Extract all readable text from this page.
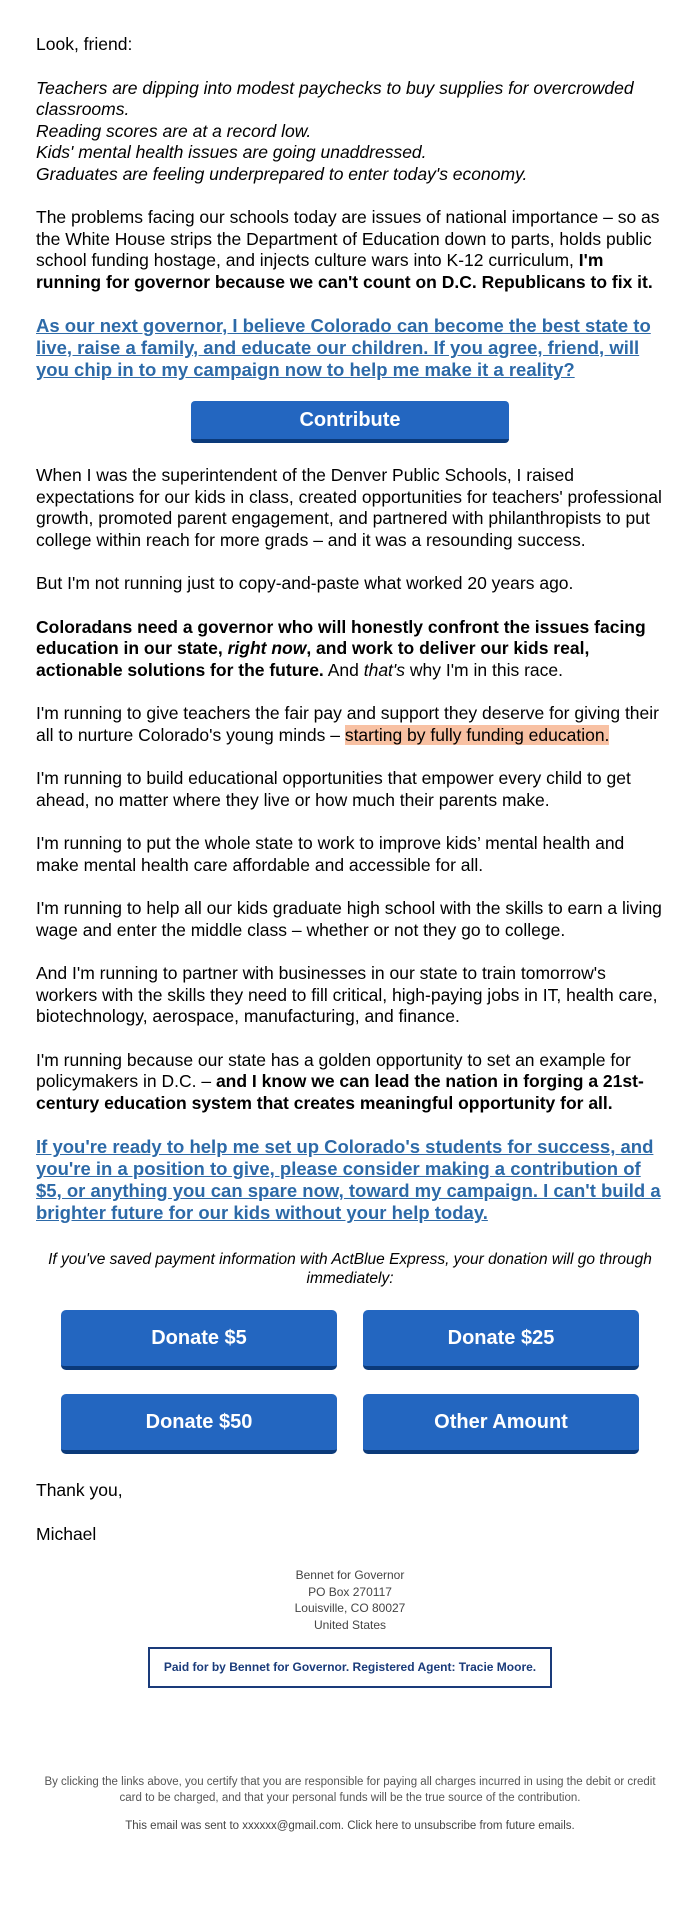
Look, friend:

Teachers are dipping into modest paychecks to buy supplies for overcrowded classrooms.
Reading scores are at a record low.
Kids' mental health issues are going unaddressed.
Graduates are feeling underprepared to enter today's economy.

The problems facing our schools today are issues of national importance – so as the White House strips the Department of Education down to parts, holds public school funding hostage, and injects culture wars into K-12 curriculum, I'm running for governor because we can't count on D.C. Republicans to fix it.

As our next governor, I believe Colorado can become the best state to live, raise a family, and educate our children. If you agree, friend, will you chip in to my campaign now to help me make it a reality?
Contribute

When I was the superintendent of the Denver Public Schools, I raised expectations for our kids in class, created opportunities for teachers' professional growth, promoted parent engagement, and partnered with philanthropists to put college within reach for more grads – and it was a resounding success.

But I'm not running just to copy-and-paste what worked 20 years ago.

Coloradans need a governor who will honestly confront the issues facing education in our state, right now, and work to deliver our kids real, actionable solutions for the future. And that's why I'm in this race.

I'm running to give teachers the fair pay and support they deserve for giving their all to nurture Colorado's young minds – starting by fully funding education.

I'm running to build educational opportunities that empower every child to get ahead, no matter where they live or how much their parents make.

I'm running to put the whole state to work to improve kids’ mental health and make mental health care affordable and accessible for all.

I'm running to help all our kids graduate high school with the skills to earn a living wage and enter the middle class – whether or not they go to college.

And I'm running to partner with businesses in our state to train tomorrow's workers with the skills they need to fill critical, high-paying jobs in IT, health care, biotechnology, aerospace, manufacturing, and finance.

I'm running because our state has a golden opportunity to set an example for policymakers in D.C. – and I know we can lead the nation in forging a 21st-century education system that creates meaningful opportunity for all.

If you're ready to help me set up Colorado's students for success, and you're in a position to give, please consider making a contribution of $5, or anything you can spare now, toward my campaign. I can't build a brighter future for our kids without your help today.

If you've saved payment information with ActBlue Express, your donation will go through immediately:

Donate $5	Donate $25
Donate $50	Other Amount

Thank you,

Michael

Bennet for Governor
PO Box 270117
Louisville, CO 80027
United States
Paid for by Bennet for Governor. Registered Agent: Tracie Moore.
By clicking the links above, you certify that you are responsible for paying all charges incurred in using the debit or credit card to be charged, and that your personal funds will be the true source of the contribution.
This email was sent to xxxxxx@gmail.com. Click here to unsubscribe from future emails.
